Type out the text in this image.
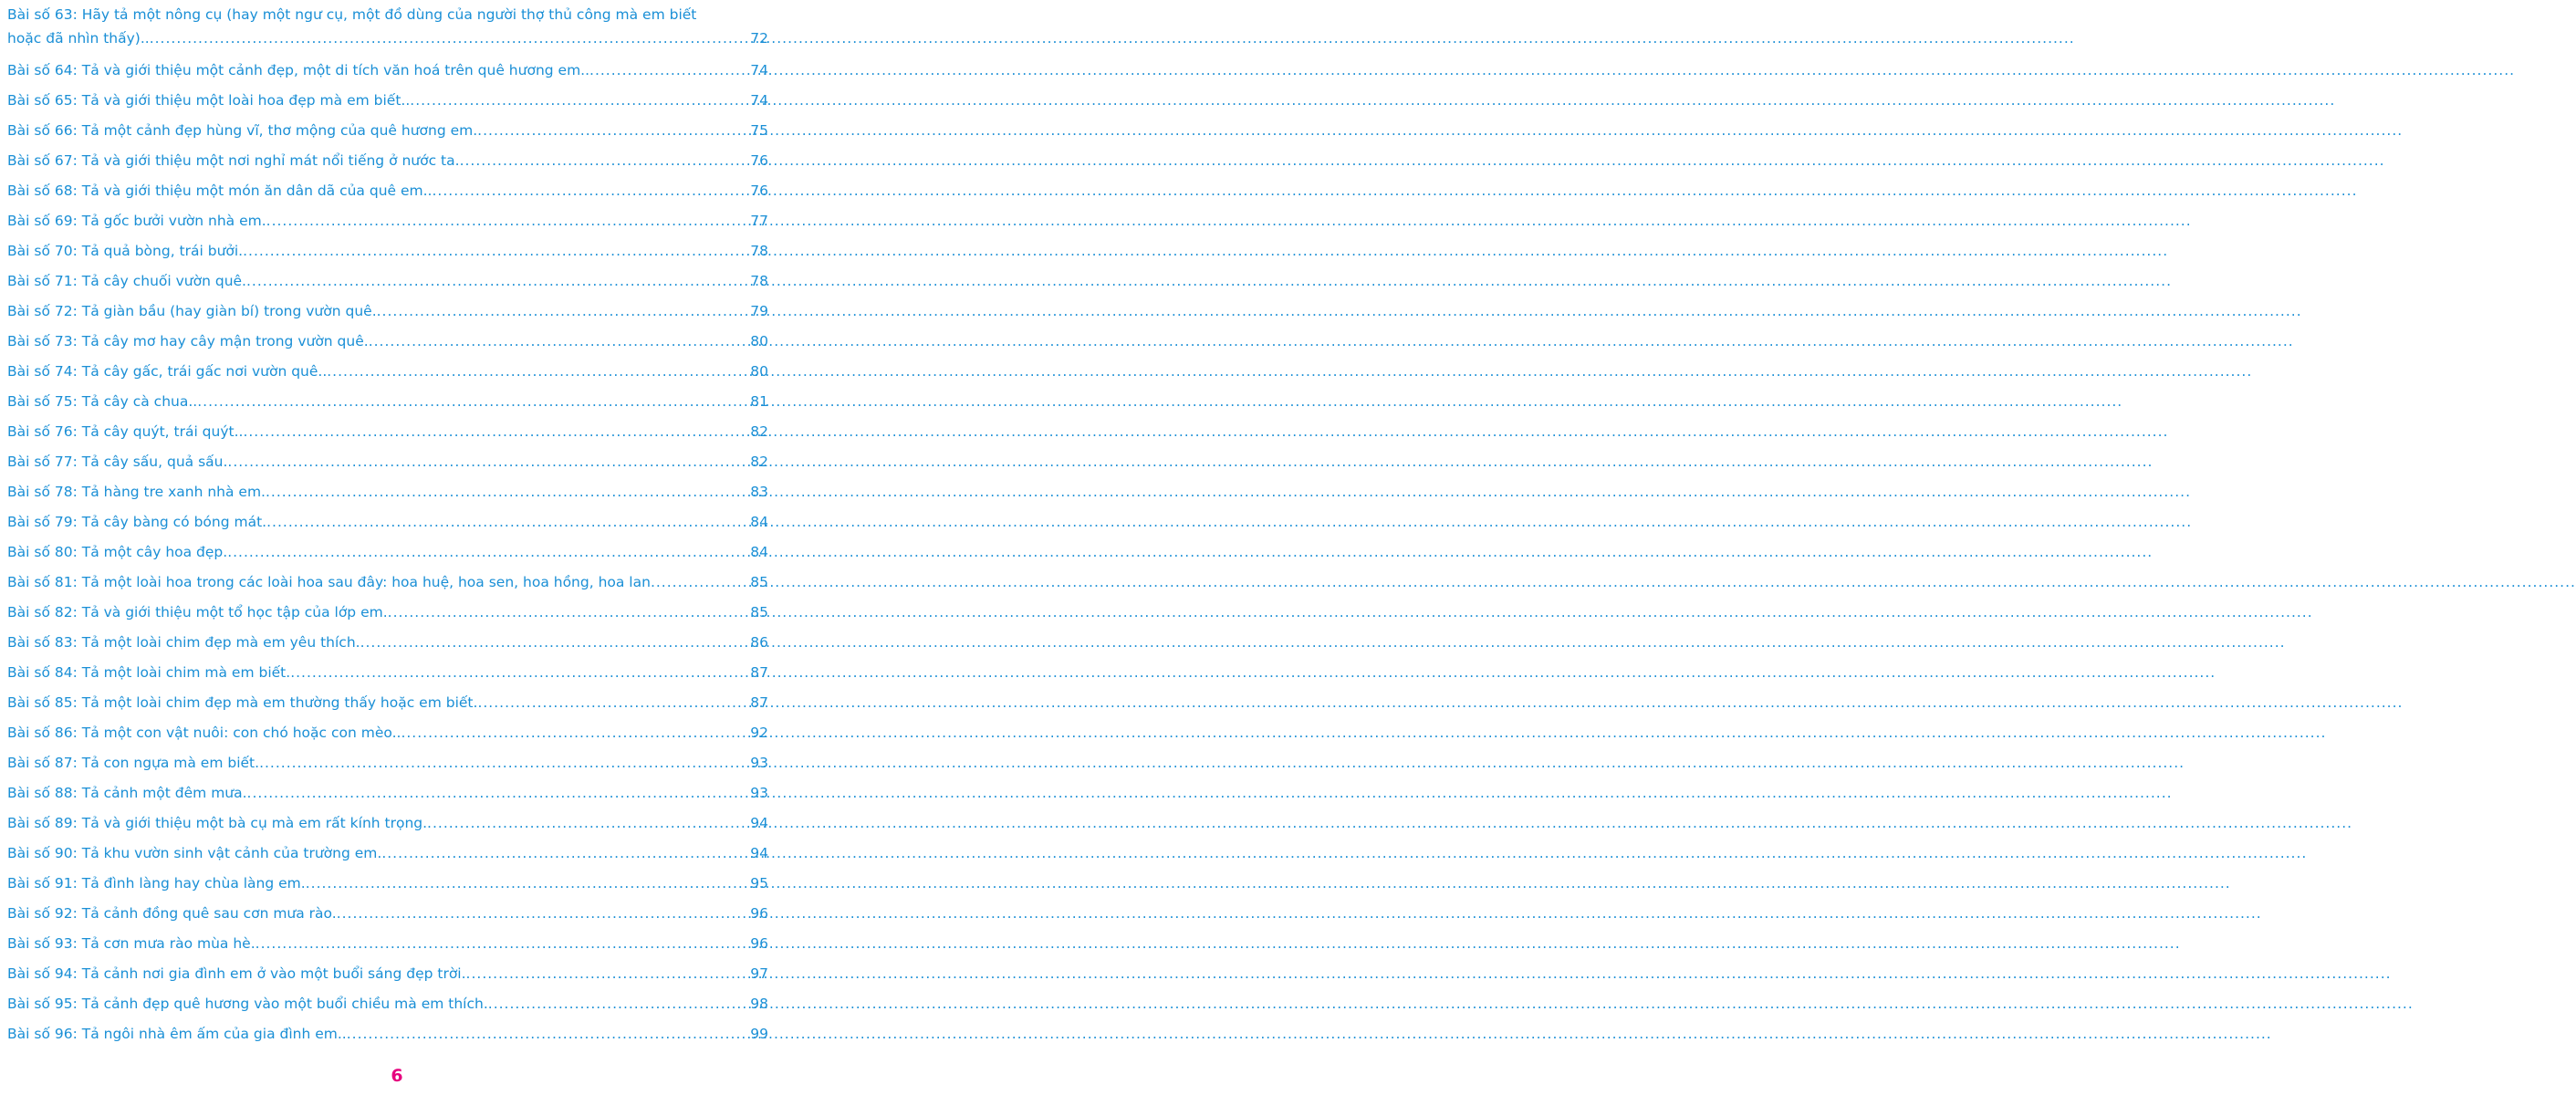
Bài số 63: Hãy tả một nông cụ (hay một ngư cụ, một đồ dùng của người thợ thủ công mà em biết
hoặc đã nhìn thấy).. .....	72
Bài số 64: Tả và giới thiệu một cảnh đẹp, một di tích văn hoá trên quê hương em.. .....	74
Bài số 65: Tả và giới thiệu một loài hoa đẹp mà em biết.. .....	74
Bài số 66: Tả một cảnh đẹp hùng vĩ, thơ mộng của quê hương em. .....	75
Bài số 67: Tả và giới thiệu một nơi nghỉ mát nổi tiếng ở nước ta. .....	76
Bài số 68: Tả và giới thiệu một món ăn dân dã của quê em.. .....	76
Bài số 69: Tả gốc bưởi vườn nhà em. .....	77
Bài số 70: Tả quả bòng, trái bưởi. .....	78
Bài số 71: Tả cây chuối vườn quê. .....	78
Bài số 72: Tả giàn bầu (hay giàn bí) trong vườn quê. .....	79
Bài số 73: Tả cây mơ hay cây mận trong vườn quê. .....	80
Bài số 74: Tả cây gấc, trái gấc nơi vườn quê.. .....	80
Bài số 75: Tả cây cà chua.. .....	81
Bài số 76: Tả cây quýt, trái quýt.. .....	82
Bài số 77: Tả cây sấu, quả sấu. .....	82
Bài số 78: Tả hàng tre xanh nhà em. .....	83
Bài số 79: Tả cây bàng có bóng mát. .....	84
Bài số 80: Tả một cây hoa đẹp. .....	84
Bài số 81: Tả một loài hoa trong các loài hoa sau đây: hoa huệ, hoa sen, hoa hồng, hoa lan .....	85
Bài số 82: Tả và giới thiệu một tổ học tập của lớp em. .....	85
Bài số 83: Tả một loài chim đẹp mà em yêu thích. .....	86
Bài số 84: Tả một loài chim mà em biết. .....	87
Bài số 85: Tả một loài chim đẹp mà em thường thấy hoặc em biết. .....	87
Bài số 86: Tả một con vật nuôi: con chó hoặc con mèo.. .....	92
Bài số 87: Tả con ngựa mà em biết. .....	93
Bài số 88: Tả cảnh một đêm mưa. .....	93
Bài số 89: Tả và giới thiệu một bà cụ mà em rất kính trọng. .....	94
Bài số 90: Tả khu vườn sinh vật cảnh của trường em. .....	94
Bài số 91: Tả đình làng hay chùa làng em. .....	95
Bài số 92: Tả cảnh đồng quê sau cơn mưa rào. .....	96
Bài số 93: Tả cơn mưa rào mùa hè. .....	96
Bài số 94: Tả cảnh nơi gia đình em ở vào một buổi sáng đẹp trời. .....	97
Bài số 95: Tả cảnh đẹp quê hương vào một buổi chiều mà em thích. .....	98
Bài số 96: Tả ngôi nhà êm ấm của gia đình em.. .....	99
6
